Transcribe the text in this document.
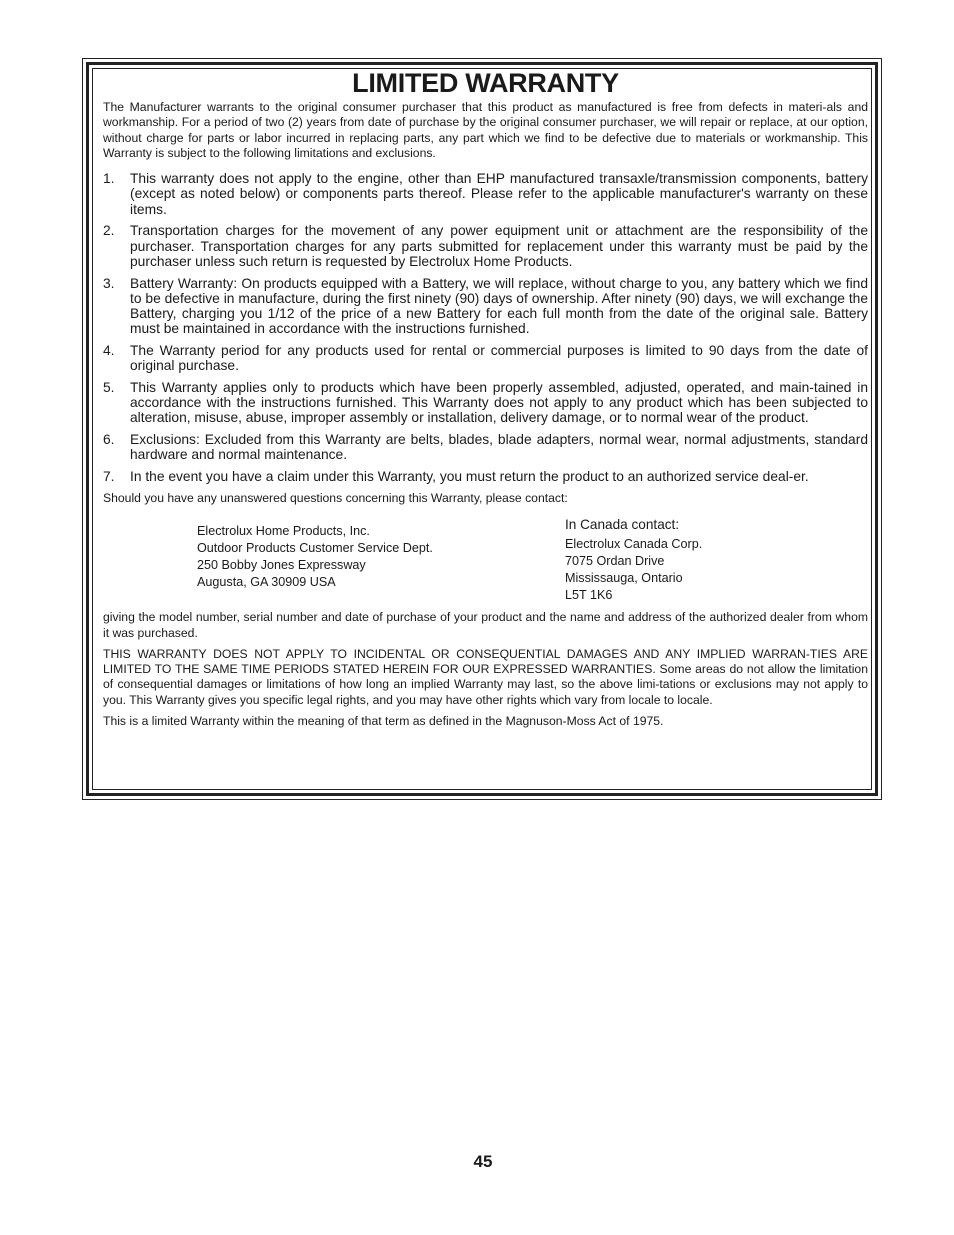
LIMITED WARRANTY

The Manufacturer warrants to the original consumer purchaser that this product as manufactured is free from defects in materi-als and workmanship. For a period of two (2) years from date of purchase by the original consumer purchaser, we will repair or replace, at our option, without charge for parts or labor incurred in replacing parts, any part which we find to be defective due to materials or workmanship. This Warranty is subject to the following limitations and exclusions.

1.	This warranty does not apply to the engine, other than EHP manufactured transaxle/transmission components, battery (except as noted below) or components parts thereof. Please refer to the applicable manufacturer's warranty on these items.
2.	Transportation charges for the movement of any power equipment unit or attachment are the responsibility of the purchaser. Transportation charges for any parts submitted for replacement under this warranty must be paid by the purchaser unless such return is requested by Electrolux Home Products.
3.	Battery Warranty: On products equipped with a Battery, we will replace, without charge to you, any battery which we find to be defective in manufacture, during the first ninety (90) days of ownership. After ninety (90) days, we will exchange the Battery, charging you 1/12 of the price of a new Battery for each full month from the date of the original sale. Battery must be maintained in accordance with the instructions furnished.
4.	The Warranty period for any products used for rental or commercial purposes is limited to 90 days from the date of original purchase.
5.	This Warranty applies only to products which have been properly assembled, adjusted, operated, and main-tained in accordance with the instructions furnished. This Warranty does not apply to any product which has been subjected to alteration, misuse, abuse, improper assembly or installation, delivery damage, or to normal wear of the product.
6.	Exclusions: Excluded from this Warranty are belts, blades, blade adapters, normal wear, normal adjustments, standard hardware and normal maintenance.
7.	In the event you have a claim under this Warranty, you must return the product to an authorized service deal-er.

Should you have any unanswered questions concerning this Warranty, please contact:

Electrolux Home Products, Inc.
Outdoor Products Customer Service Dept.
250 Bobby Jones Expressway
Augusta, GA 30909 USA
In Canada contact:
Electrolux Canada Corp.
7075 Ordan Drive
Mississauga, Ontario
L5T 1K6

giving the model number, serial number and date of purchase of your product and the name and address of the authorized dealer from whom it was purchased.

THIS WARRANTY DOES NOT APPLY TO INCIDENTAL OR CONSEQUENTIAL DAMAGES AND ANY IMPLIED WARRAN-TIES ARE LIMITED TO THE SAME TIME PERIODS STATED HEREIN FOR OUR EXPRESSED WARRANTIES. Some areas do not allow the limitation of consequential damages or limitations of how long an implied Warranty may last, so the above limi-tations or exclusions may not apply to you. This Warranty gives you specific legal rights, and you may have other rights which vary from locale to locale.

This is a limited Warranty within the meaning of that term as defined in the Magnuson-Moss Act of 1975.

45
